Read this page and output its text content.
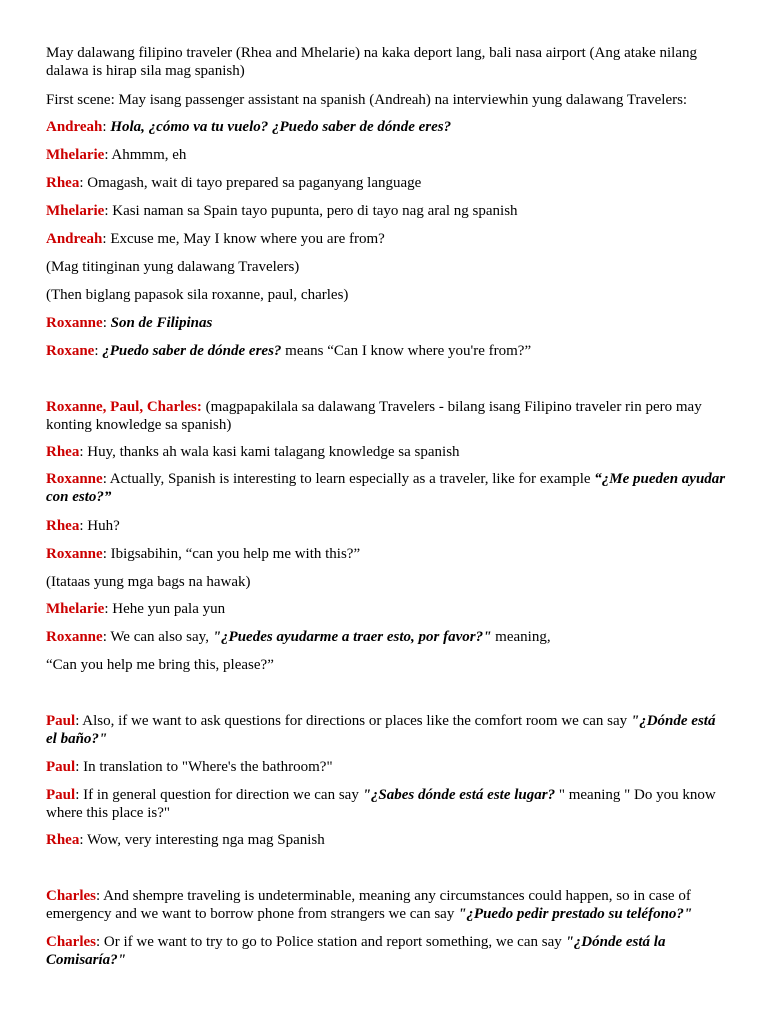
May dalawang filipino traveler (Rhea and Mhelarie) na kaka deport lang, bali nasa airport (Ang atake nilang dalawa is hirap sila mag spanish)

First scene: May isang passenger assistant na spanish (Andreah) na interviewhin yung dalawang Travelers:

Andreah: Hola, ¿cómo va tu vuelo? ¿Puedo saber de dónde eres?

Mhelarie: Ahmmm, eh

Rhea: Omagash, wait di tayo prepared sa paganyang language

Mhelarie: Kasi naman sa Spain tayo pupunta, pero di tayo nag aral ng spanish

Andreah: Excuse me, May I know where you are from?

(Mag titinginan yung dalawang Travelers)

(Then biglang papasok sila roxanne, paul, charles)

Roxanne: Son de Filipinas

Roxane: ¿Puedo saber de dónde eres? means “Can I know where you're from?”

Roxanne, Paul, Charles: (magpapakilala sa dalawang Travelers - bilang isang Filipino traveler rin pero may konting knowledge sa spanish)

Rhea: Huy, thanks ah wala kasi kami talagang knowledge sa spanish

Roxanne: Actually, Spanish is interesting to learn especially as a traveler, like for example “¿Me pueden ayudar con esto?”

Rhea: Huh?

Roxanne: Ibigsabihin, “can you help me with this?”

(Itataas yung mga bags na hawak)

Mhelarie: Hehe yun pala yun

Roxanne: We can also say, "¿Puedes ayudarme a traer esto, por favor?" meaning,

“Can you help me bring this, please?”

Paul: Also, if we want to ask questions for directions or places like the comfort room we can say "¿Dónde está el baño?"

Paul: In translation to "Where's the bathroom?"

Paul: If in general question for direction we can say "¿Sabes dónde está este lugar? " meaning " Do you know where this place is?"

Rhea: Wow, very interesting nga mag Spanish

Charles: And shempre traveling is undeterminable, meaning any circumstances could happen, so in case of emergency and we want to borrow phone from strangers we can say "¿Puedo pedir prestado su teléfono?"

Charles: Or if we want to try to go to Police station and report something, we can say "¿Dónde está la Comisaría?"
